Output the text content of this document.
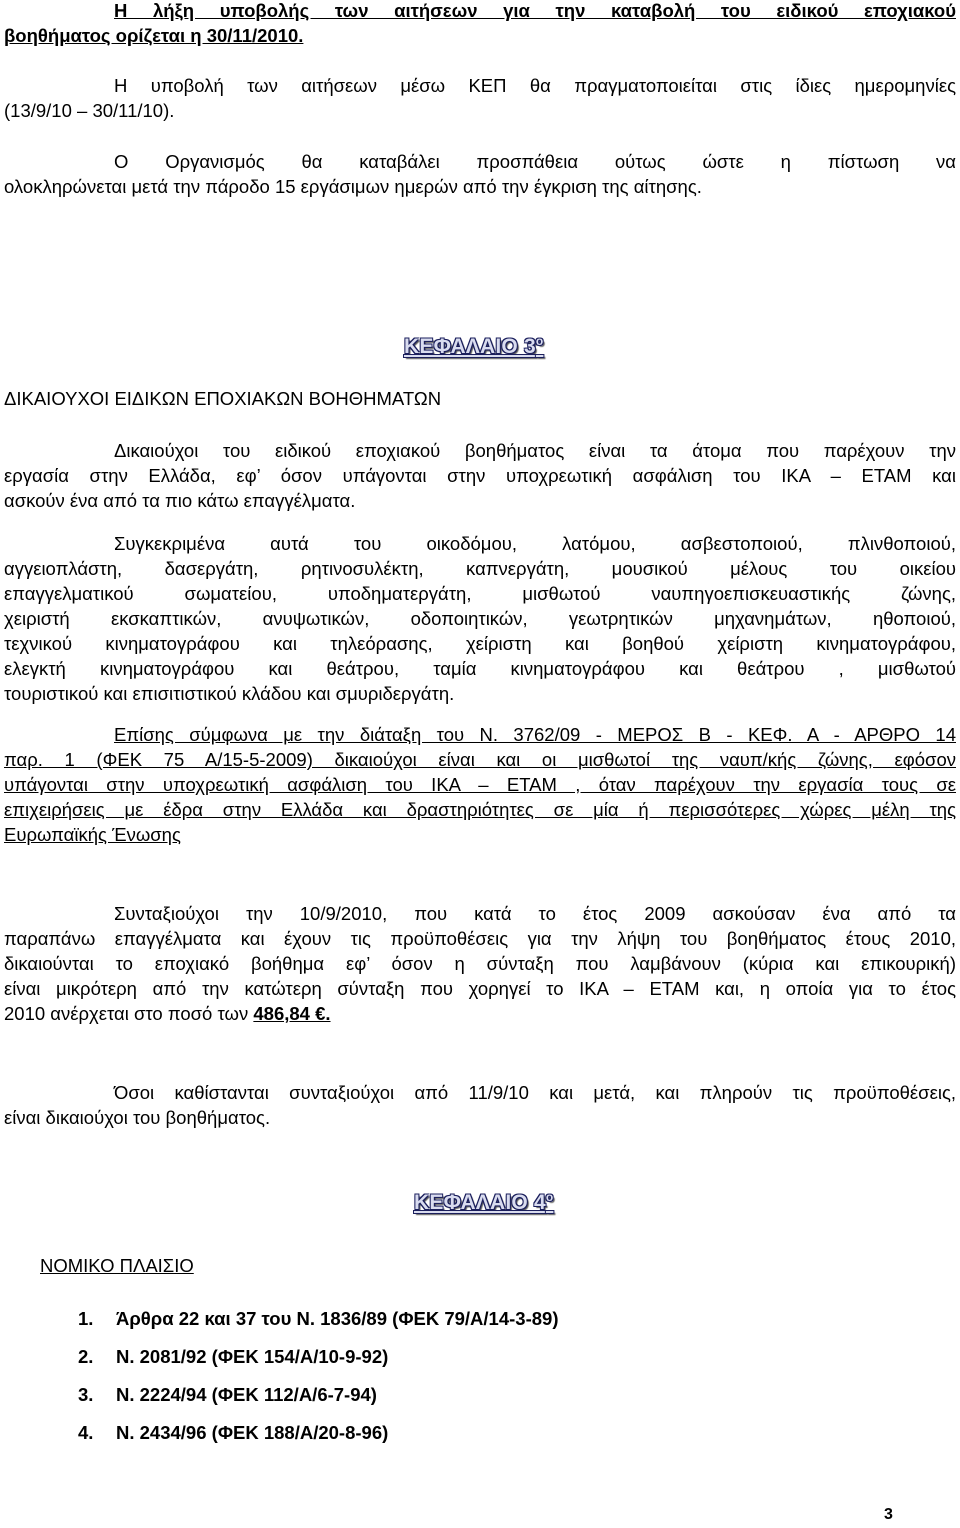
Η λήξη υποβολής των αιτήσεων για την καταβολή του ειδικού εποχιακού
βοηθήματος ορίζεται η 30/11/2010.
Η υποβολή των αιτήσεων μέσω ΚΕΠ θα πραγματοποιείται στις ίδιες ημερομηνίες
(13/9/10 – 30/11/10).
Ο Οργανισμός θα καταβάλει προσπάθεια ούτως ώστε η πίστωση να
ολοκληρώνεται μετά την πάροδο 15 εργάσιμων ημερών από την έγκριση της αίτησης.
ΚΕΦΑΛΑΙΟ $3^o$
ΔΙΚΑΙΟΥΧΟΙ ΕΙΔΙΚΩΝ ΕΠΟΧΙΑΚΩΝ ΒΟΗΘΗΜΑΤΩΝ
Δικαιούχοι του ειδικού εποχιακού βοηθήματος είναι τα άτομα που παρέχουν την
εργασία στην Ελλάδα, εφ’ όσον υπάγονται στην υποχρεωτική ασφάλιση του ΙΚΑ – ΕΤΑΜ και
ασκούν ένα από τα πιο κάτω επαγγέλματα.
Συγκεκριμένα αυτά του οικοδόμου, λατόμου, ασβεστοποιού, πλινθοποιού,
αγγειοπλάστη, δασεργάτη, ρητινοσυλέκτη, καπνεργάτη, μουσικού μέλους του οικείου
επαγγελματικού σωματείου, υποδηματεργάτη, μισθωτού ναυπηγοεπισκευαστικής ζώνης,
χειριστή εκσκαπτικών, ανυψωτικών, οδοποιητικών, γεωτρητικών μηχανημάτων, ηθοποιού,
τεχνικού κινηματογράφου και τηλεόρασης, χείριστη και βοηθού χείριστη κινηματογράφου,
ελεγκτή κινηματογράφου και θεάτρου, ταμία κινηματογράφου και θεάτρου , μισθωτού
τουριστικού και επισιτιστικού κλάδου και σμυριδεργάτη.
Επίσης σύμφωνα με την διάταξη του Ν. 3762/09 - ΜΕΡΟΣ Β - ΚΕΦ. Α - ΑΡΘΡΟ 14
παρ. 1 (ΦΕΚ 75 Α/15-5-2009) δικαιούχοι είναι και οι μισθωτοί της ναυπ/κής ζώνης, εφόσον
υπάγονται στην υποχρεωτική ασφάλιση του ΙΚΑ – ΕΤΑΜ , όταν παρέχουν την εργασία τους σε
επιχειρήσεις με έδρα στην Ελλάδα και δραστηριότητες σε μία ή περισσότερες χώρες μέλη της
Ευρωπαϊκής Ένωσης
Συνταξιούχοι την 10/9/2010, που κατά το έτος 2009 ασκούσαν ένα από τα
παραπάνω επαγγέλματα και έχουν τις προϋποθέσεις για την λήψη του βοηθήματος έτους 2010,
δικαιούνται το εποχιακό βοήθημα εφ’ όσον η σύνταξη που λαμβάνουν (κύρια και επικουρική)
είναι μικρότερη από την κατώτερη σύνταξη που χορηγεί το ΙΚΑ – ΕΤΑΜ και, η οποία για το έτος
2010 ανέρχεται στο ποσό των 486,84 €.
Όσοι καθίστανται συνταξιούχοι από 11/9/10 και μετά, και πληρούν τις προϋποθέσεις,
είναι δικαιούχοι του βοηθήματος.
ΚΕΦΑΛΑΙΟ $4^o$
ΝΟΜΙΚΟ ΠΛΑΙΣΙΟ
1. Άρθρα 22 και 37 του Ν. 1836/89 (ΦΕΚ 79/Α/14-3-89)
2. Ν. 2081/92 (ΦΕΚ 154/Α/10-9-92)
3. Ν. 2224/94 (ΦΕΚ 112/Α/6-7-94)
4. Ν. 2434/96 (ΦΕΚ 188/Α/20-8-96)
3
